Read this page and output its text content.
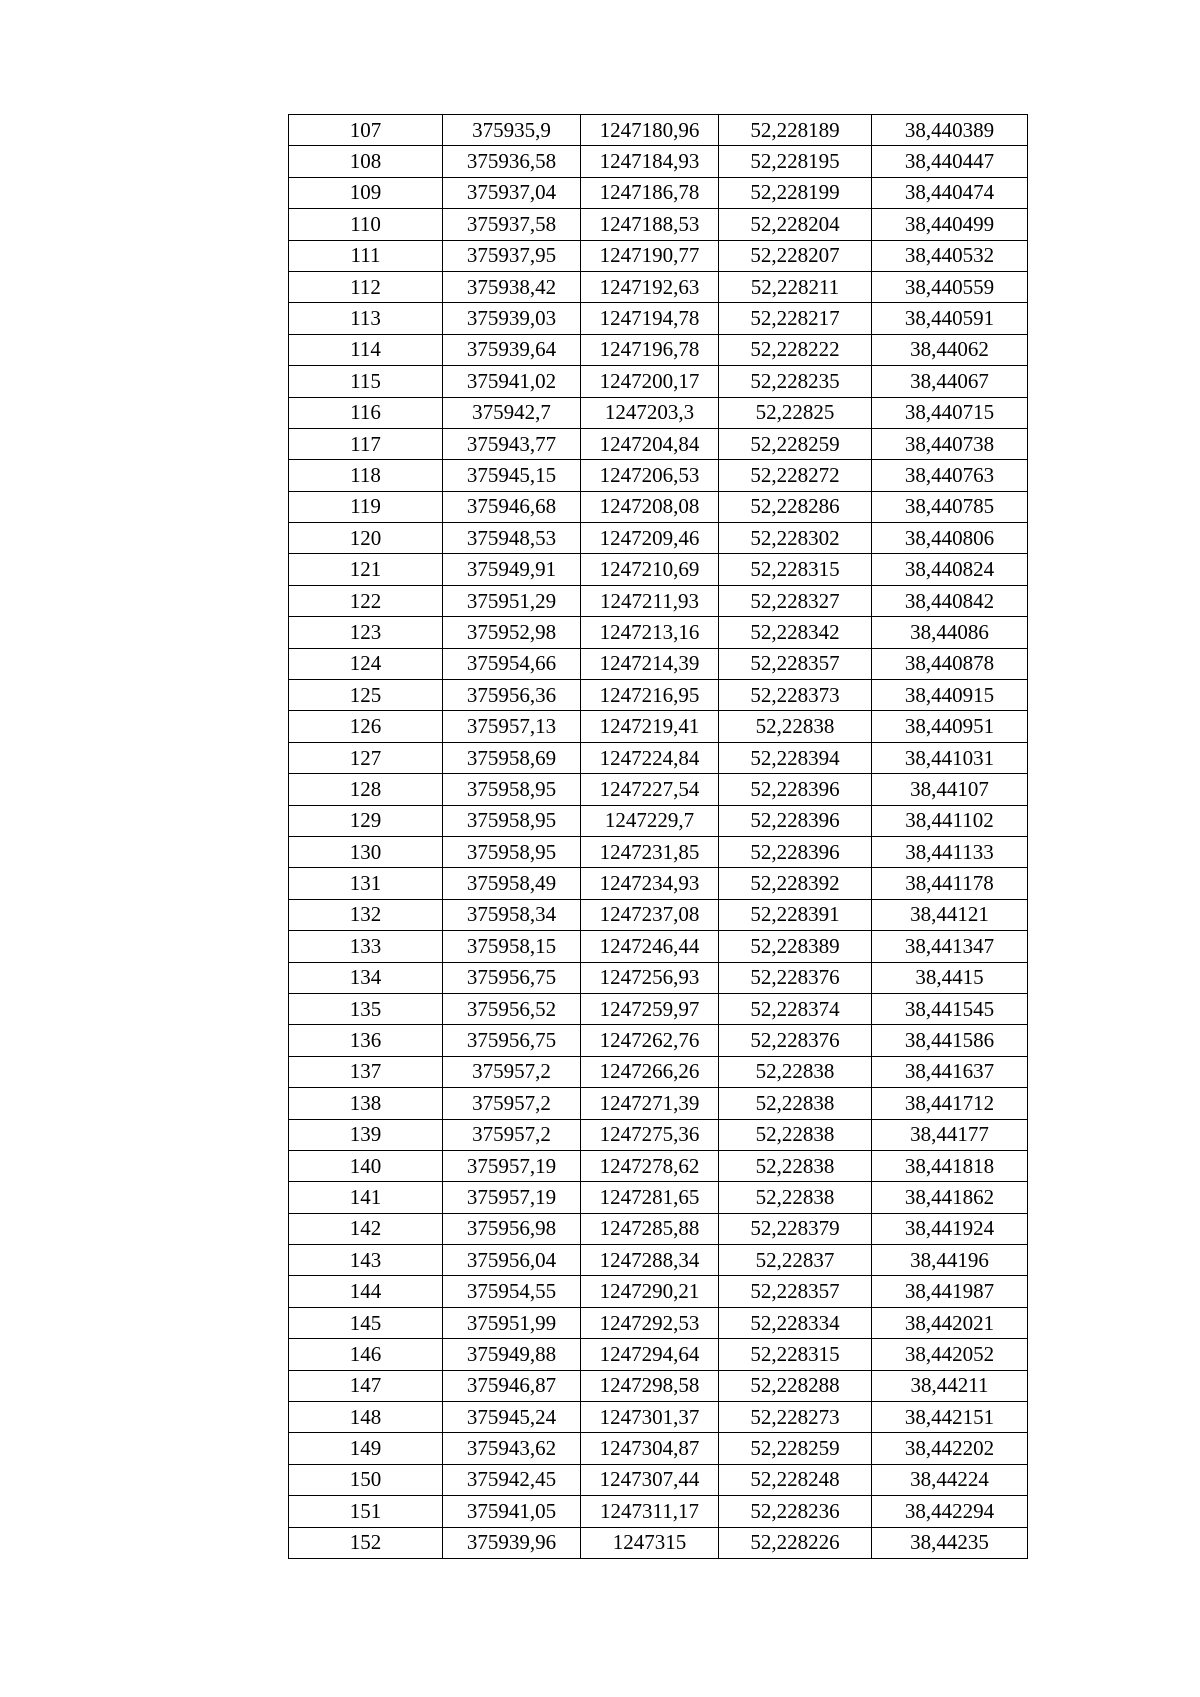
107	375935,9	1247180,96	52,228189	38,440389
108	375936,58	1247184,93	52,228195	38,440447
109	375937,04	1247186,78	52,228199	38,440474
110	375937,58	1247188,53	52,228204	38,440499
111	375937,95	1247190,77	52,228207	38,440532
112	375938,42	1247192,63	52,228211	38,440559
113	375939,03	1247194,78	52,228217	38,440591
114	375939,64	1247196,78	52,228222	38,44062
115	375941,02	1247200,17	52,228235	38,44067
116	375942,7	1247203,3	52,22825	38,440715
117	375943,77	1247204,84	52,228259	38,440738
118	375945,15	1247206,53	52,228272	38,440763
119	375946,68	1247208,08	52,228286	38,440785
120	375948,53	1247209,46	52,228302	38,440806
121	375949,91	1247210,69	52,228315	38,440824
122	375951,29	1247211,93	52,228327	38,440842
123	375952,98	1247213,16	52,228342	38,44086
124	375954,66	1247214,39	52,228357	38,440878
125	375956,36	1247216,95	52,228373	38,440915
126	375957,13	1247219,41	52,22838	38,440951
127	375958,69	1247224,84	52,228394	38,441031
128	375958,95	1247227,54	52,228396	38,44107
129	375958,95	1247229,7	52,228396	38,441102
130	375958,95	1247231,85	52,228396	38,441133
131	375958,49	1247234,93	52,228392	38,441178
132	375958,34	1247237,08	52,228391	38,44121
133	375958,15	1247246,44	52,228389	38,441347
134	375956,75	1247256,93	52,228376	38,4415
135	375956,52	1247259,97	52,228374	38,441545
136	375956,75	1247262,76	52,228376	38,441586
137	375957,2	1247266,26	52,22838	38,441637
138	375957,2	1247271,39	52,22838	38,441712
139	375957,2	1247275,36	52,22838	38,44177
140	375957,19	1247278,62	52,22838	38,441818
141	375957,19	1247281,65	52,22838	38,441862
142	375956,98	1247285,88	52,228379	38,441924
143	375956,04	1247288,34	52,22837	38,44196
144	375954,55	1247290,21	52,228357	38,441987
145	375951,99	1247292,53	52,228334	38,442021
146	375949,88	1247294,64	52,228315	38,442052
147	375946,87	1247298,58	52,228288	38,44211
148	375945,24	1247301,37	52,228273	38,442151
149	375943,62	1247304,87	52,228259	38,442202
150	375942,45	1247307,44	52,228248	38,44224
151	375941,05	1247311,17	52,228236	38,442294
152	375939,96	1247315	52,228226	38,44235
